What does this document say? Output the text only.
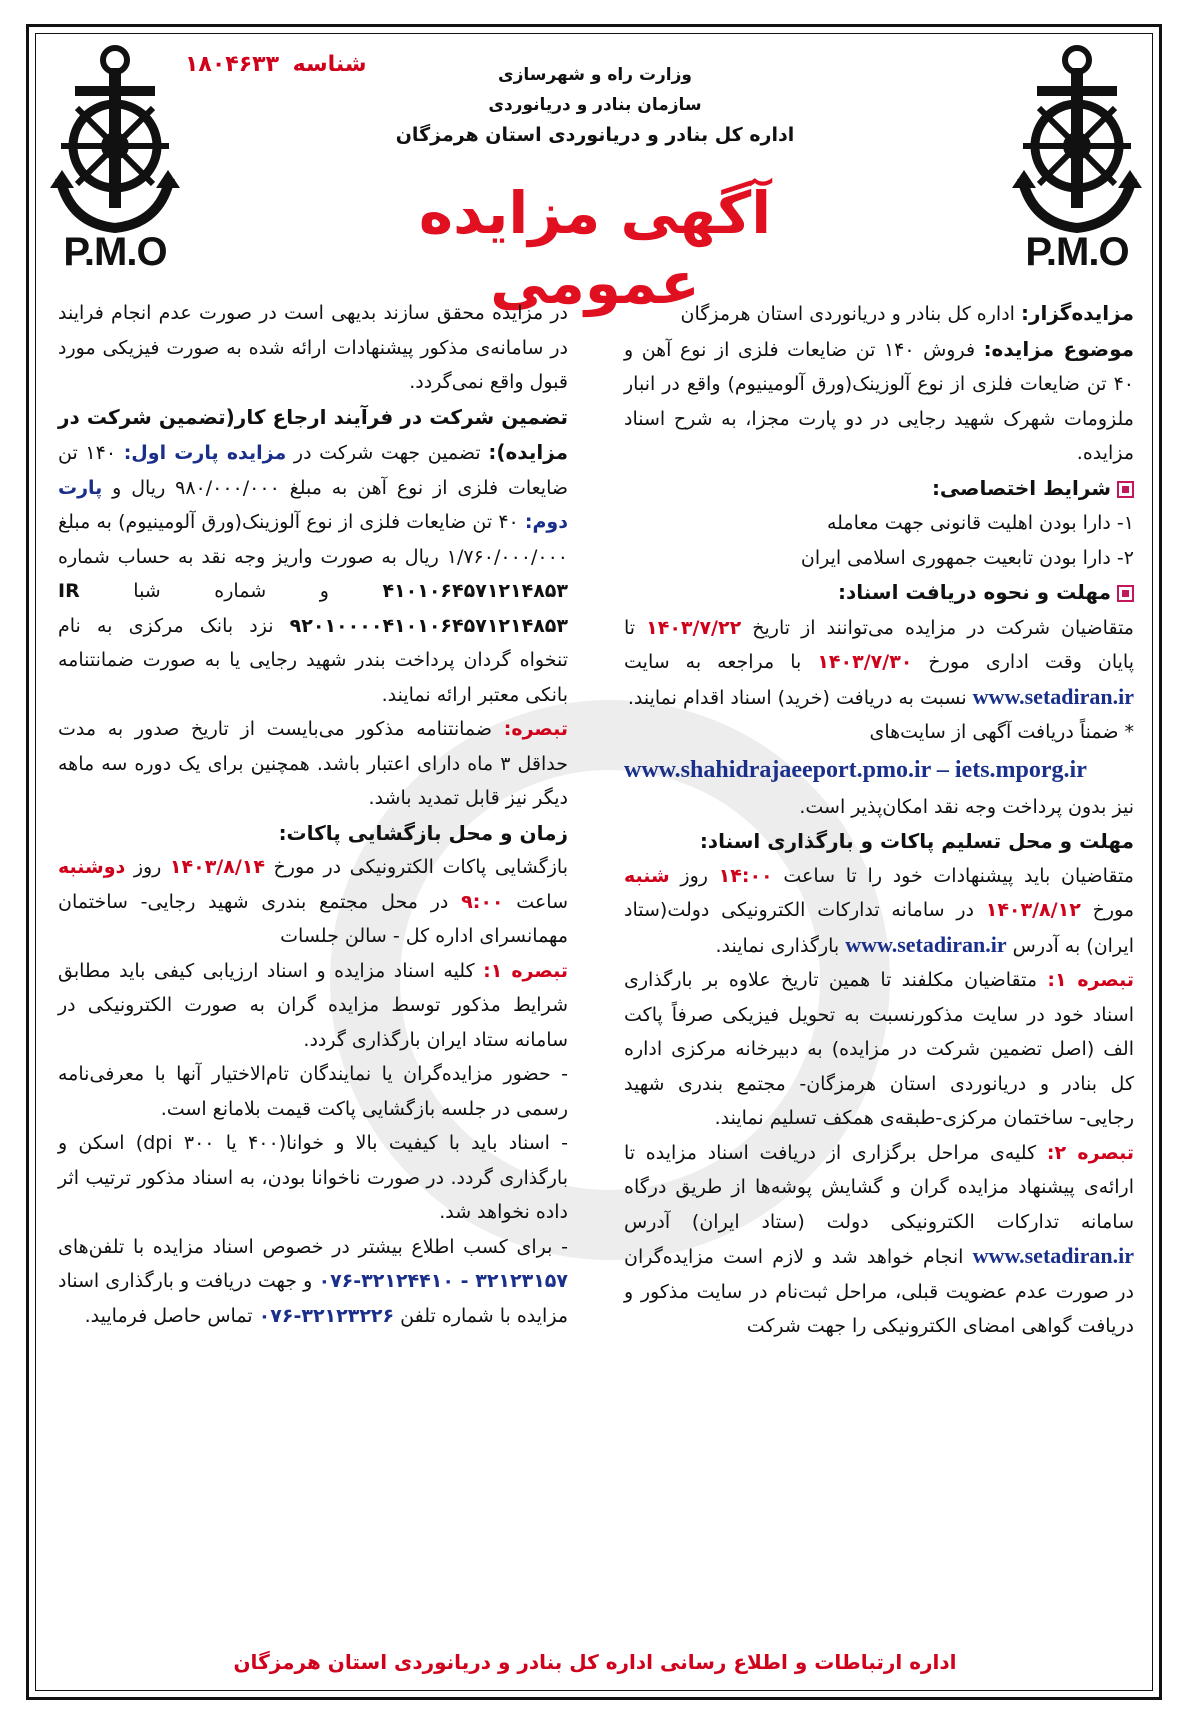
P.M.O
P.M.O
شناسه ۱۸۰۴۶۳۳	وزارت راه و شهرسازی
سازمان بنادر و دریانوردی
اداره کل بنادر و دریانوردی استان هرمزگان
آگهی مزایده عمومی	مزایده‌گزار: اداره کل بنادر و دریانوردی استان هرمزگان

موضوع مزایده: فروش ۱۴۰ تن ضایعات فلزی از نوع آهن و ۴۰ تن ضایعات فلزی از نوع آلوزینک(ورق آلومینیوم) واقع در انبار ملزومات شهرک شهید رجایی در دو پارت مجزا، به شرح اسناد مزایده.

شرایط اختصاصی:

۱- دارا بودن اهلیت قانونی جهت معامله

۲- دارا بودن تابعیت جمهوری اسلامی ایران

مهلت و نحوه دریافت اسناد:

متقاضیان شرکت در مزایده می‌توانند از تاریخ ۱۴۰۳/۷/۲۲ تا پایان وقت اداری مورخ ۱۴۰۳/۷/۳۰ با مراجعه به سایت www.setadiran.ir نسبت به دریافت (خرید) اسناد اقدام نمایند.

* ضمناً دریافت آگهی از سایت‌های

www.shahidrajaeeport.pmo.ir – iets.mporg.ir

نیز بدون پرداخت وجه نقد امکان‌پذیر است.

مهلت و محل تسلیم پاکات و بارگذاری اسناد:

متقاضیان باید پیشنهادات خود را تا ساعت ۱۴:۰۰ روز شنبه مورخ ۱۴۰۳/۸/۱۲ در سامانه تدارکات الکترونیکی دولت(ستاد ایران) به آدرس www.setadiran.ir بارگذاری نمایند.

تبصره ۱: متقاضیان مکلفند تا همین تاریخ علاوه بر بارگذاری اسناد خود در سایت مذکورنسبت به تحویل فیزیکی صرفاً پاکت الف (اصل تضمین شرکت در مزایده) به دبیرخانه مرکزی اداره کل بنادر و دریانوردی استان هرمزگان- مجتمع بندری شهید رجایی- ساختمان مرکزی-طبقه‌ی همکف تسلیم نمایند.

تبصره ۲: کلیه‌ی مراحل برگزاری از دریافت اسناد مزایده تا ارائه‌ی پیشنهاد مزایده گران و گشایش پوشه‌ها از طریق درگاه سامانه تدارکات الکترونیکی دولت (ستاد ایران) آدرس www.setadiran.ir انجام خواهد شد و لازم است مزایده‌گران در صورت عدم عضویت قبلی، مراحل ثبت‌نام در سایت مذکور و دریافت گواهی امضای الکترونیکی را جهت شرکت

در مزایده محقق سازند بدیهی است در صورت عدم انجام فرایند در سامانه‌ی مذکور پیشنهادات ارائه شده به صورت فیزیکی مورد قبول واقع نمی‌گردد.

تضمین شرکت در فرآیند ارجاع کار(تضمین شرکت در مزایده): تضمین جهت شرکت در مزایده پارت اول: ۱۴۰ تن ضایعات فلزی از نوع آهن به مبلغ ۹۸۰/۰۰۰/۰۰۰ ریال و پارت دوم: ۴۰ تن ضایعات فلزی از نوع آلوزینک(ورق آلومینیوم) به مبلغ ۱/۷۶۰/۰۰۰/۰۰۰ ریال به صورت واریز وجه نقد به حساب شماره ۴۱۰۱۰۶۴۵۷۱۲۱۴۸۵۳ و شماره شبا IR ۹۲۰۱۰۰۰۰۴۱۰۱۰۶۴۵۷۱۲۱۴۸۵۳ نزد بانک مرکزی به نام تنخواه گردان پرداخت بندر شهید رجایی یا به صورت ضمانتنامه بانکی معتبر ارائه نمایند.

تبصره: ضمانتنامه مذکور می‌بایست از تاریخ صدور به مدت حداقل ۳ ماه دارای اعتبار باشد. همچنین برای یک دوره سه ماهه دیگر نیز قابل تمدید باشد.

زمان و محل بازگشایی پاکات:

بازگشایی پاکات الکترونیکی در مورخ ۱۴۰۳/۸/۱۴ روز دوشنبه ساعت ۹:۰۰ در محل مجتمع بندری شهید رجایی- ساختمان مهمانسرای اداره کل - سالن جلسات

تبصره ۱: کلیه اسناد مزایده و اسناد ارزیابی کیفی باید مطابق شرایط مذکور توسط مزایده گران به صورت الکترونیکی در سامانه ستاد ایران بارگذاری گردد.

- حضور مزایده‌گران یا نمایندگان تام‌الاختیار آنها با معرفی‌نامه رسمی در جلسه بازگشایی پاکت قیمت بلامانع است.

- اسناد باید با کیفیت بالا و خوانا(۴۰۰ یا ۳۰۰ dpi) اسکن و بارگذاری گردد. در صورت ناخوانا بودن، به اسناد مذکور ترتیب اثر داده نخواهد شد.

- برای کسب اطلاع بیشتر در خصوص اسناد مزایده با تلفن‌های ۳۲۱۲۳۱۵۷ - ۳۲۱۲۴۴۱۰-۰۷۶ و جهت دریافت و بارگذاری اسناد مزایده با شماره تلفن ۳۲۱۲۳۲۲۶-۰۷۶ تماس حاصل فرمایید.

اداره ارتباطات و اطلاع رسانی اداره کل بنادر و دریانوردی استان هرمزگان
